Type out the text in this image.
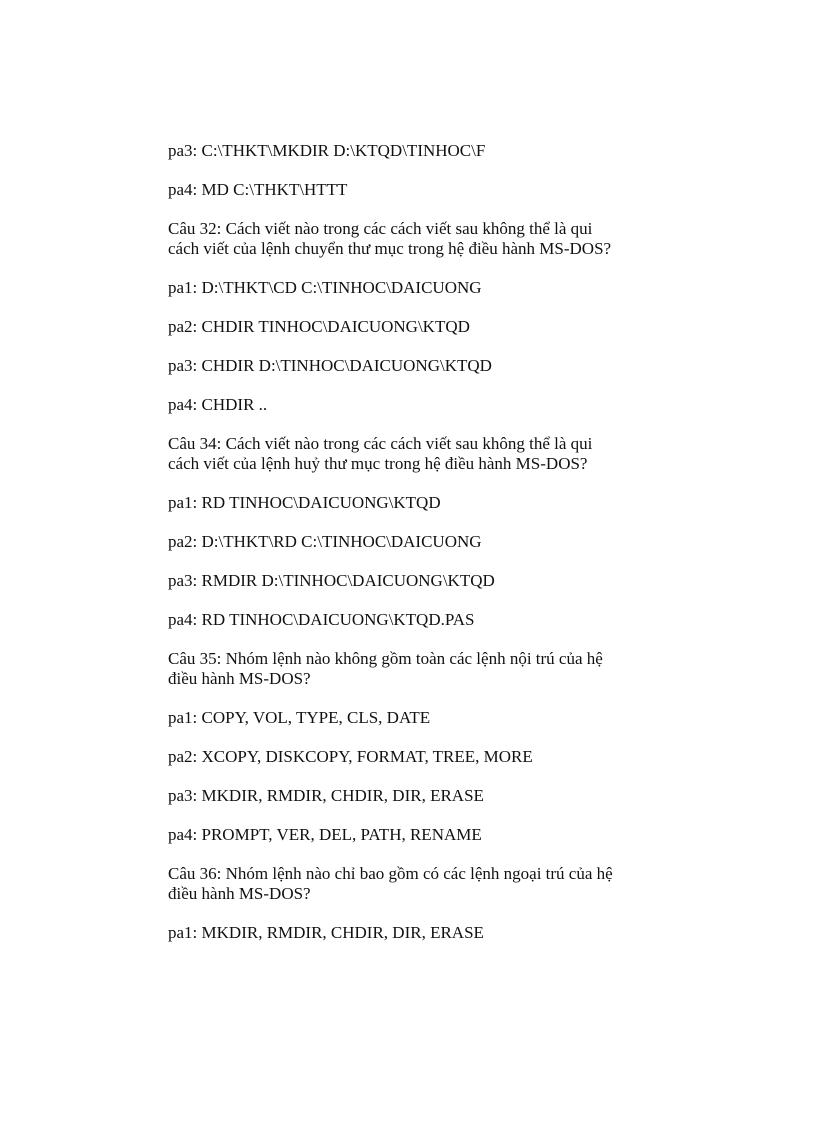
pa3: C:\THKT\MKDIR D:\KTQD\TINHOC\F

pa4: MD C:\THKT\HTTT

Câu 32: Cách viết nào trong các cách viết sau không thể là qui
cách viết của lệnh chuyển thư mục trong hệ điều hành MS-DOS?

pa1: D:\THKT\CD C:\TINHOC\DAICUONG

pa2: CHDIR TINHOC\DAICUONG\KTQD

pa3: CHDIR D:\TINHOC\DAICUONG\KTQD

pa4: CHDIR ..

Câu 34: Cách viết nào trong các cách viết sau không thể là qui
cách viết của lệnh huỷ thư mục trong hệ điều hành MS-DOS?

pa1: RD TINHOC\DAICUONG\KTQD

pa2: D:\THKT\RD C:\TINHOC\DAICUONG

pa3: RMDIR D:\TINHOC\DAICUONG\KTQD

pa4: RD TINHOC\DAICUONG\KTQD.PAS

Câu 35: Nhóm lệnh nào không gồm toàn các lệnh nội trú của hệ
điều hành MS-DOS?

pa1: COPY, VOL, TYPE, CLS, DATE

pa2: XCOPY, DISKCOPY, FORMAT, TREE, MORE

pa3: MKDIR, RMDIR, CHDIR, DIR, ERASE

pa4: PROMPT, VER, DEL, PATH, RENAME

Câu 36: Nhóm lệnh nào chỉ bao gồm có các lệnh ngoại trú của hệ
điều hành MS-DOS?

pa1: MKDIR, RMDIR, CHDIR, DIR, ERASE
